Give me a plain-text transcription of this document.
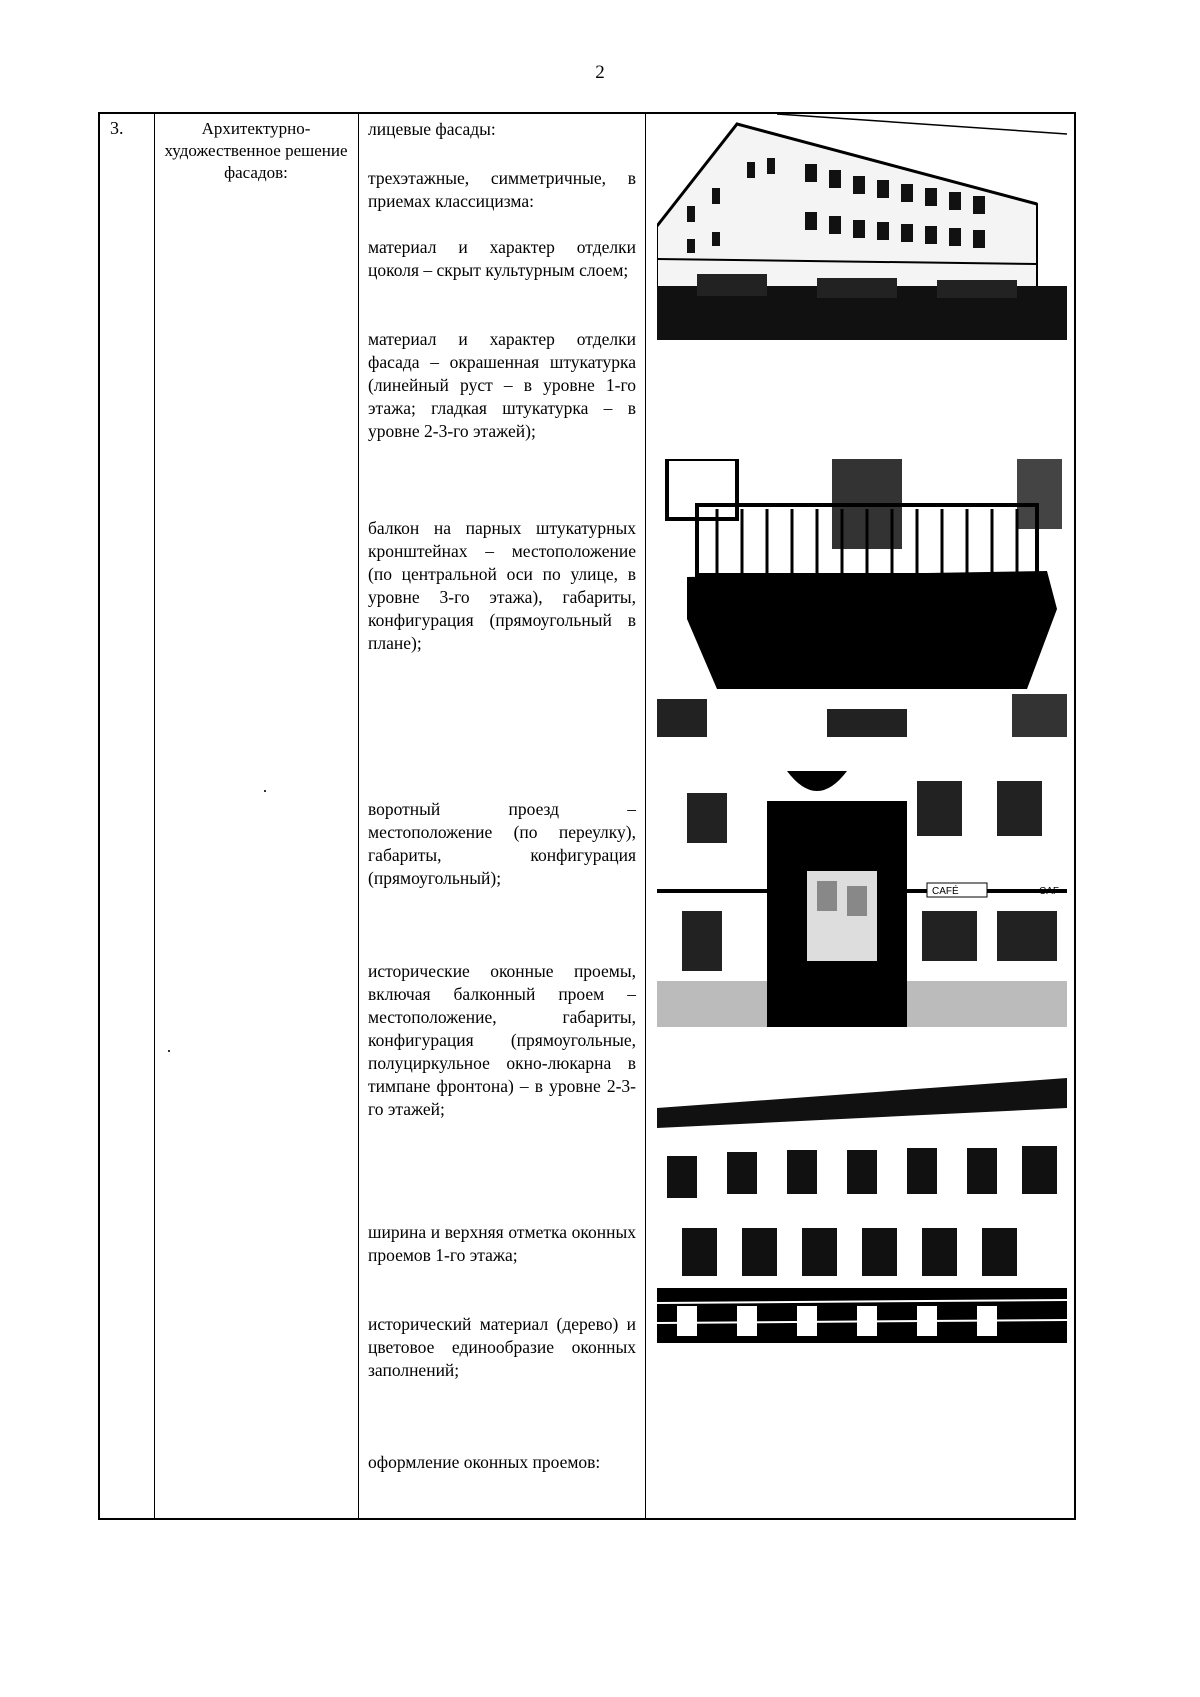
2
3.	Архитектурно-художественное решение фасадов:
лицевые фасады:
трехэтажные, симметричные, в приемах классицизма:
материал и характер отделки цоколя – скрыт культурным слоем;
материал и характер отделки фасада – окрашенная штукатурка (линейный руст – в уровне 1-го этажа; гладкая штукатурка – в уровне 2-3-го этажей);
балкон на парных штукатурных кронштейнах – местоположение (по центральной оси по улице, в уровне 3-го этажа), габариты, конфигурация (прямоугольный в плане);
воротный проезд – местоположение (по переулку), габариты, конфигурация (прямоугольный);
исторические оконные проемы, включая балконный проем – местоположение, габариты, конфигурация (прямоугольные, полуциркульное окно-люкарна в тимпане фронтона) – в уровне 2-3-го этажей;
ширина и верхняя отметка оконных проемов 1-го этажа;
исторический материал (дерево) и цветовое единообразие оконных заполнений;
оформление оконных проемов:
CAFÉ	CAF
